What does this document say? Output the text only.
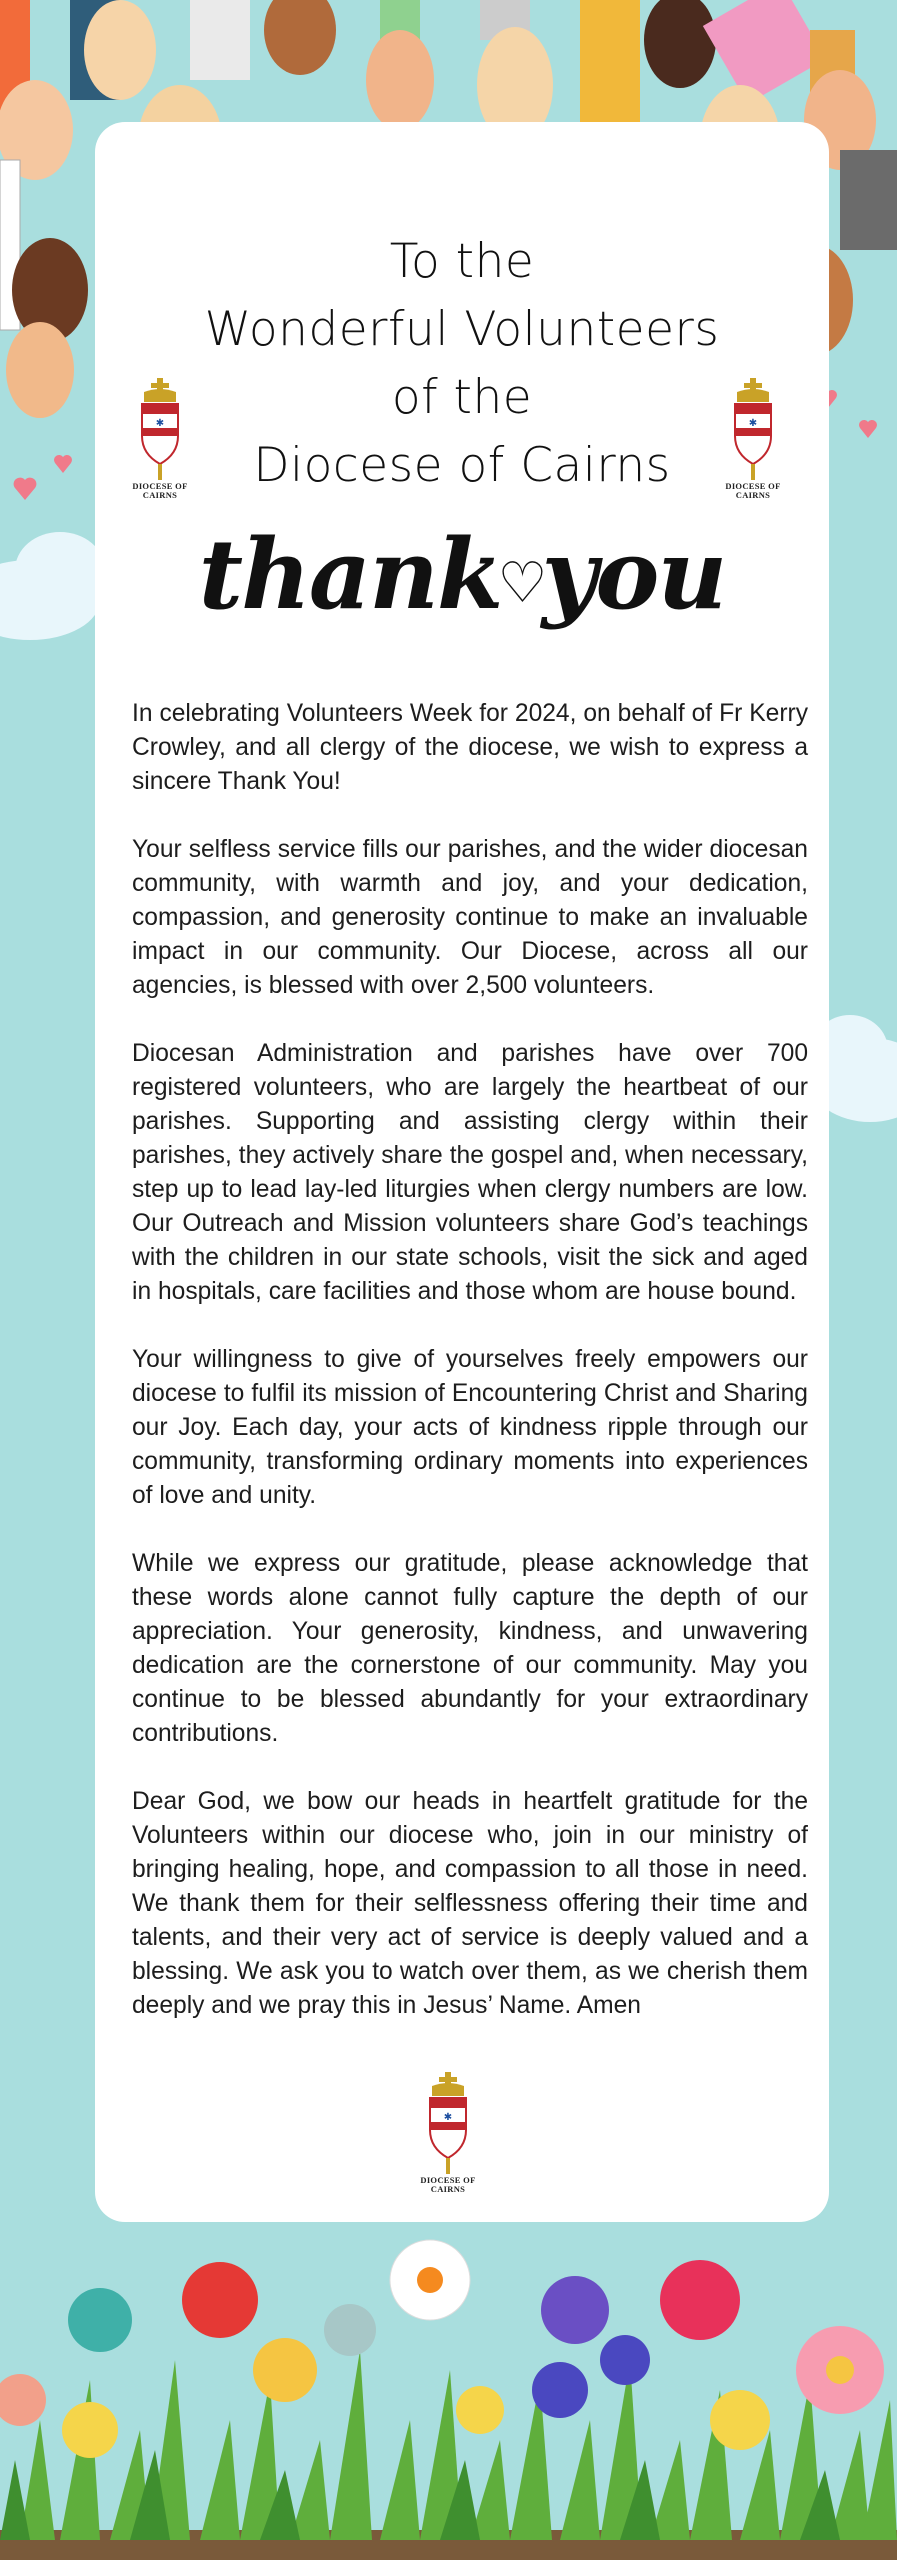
To the
Wonderful Volunteers
of the
Diocese of Cairns
✱
DIOCESE OF
CAIRNS
✱
DIOCESE OF
CAIRNS
thank♡you

In celebrating Volunteers Week for 2024, on behalf of Fr Kerry Crowley, and all clergy of the diocese, we wish to express a sincere Thank You!

Your selfless service fills our parishes, and the wider diocesan community, with warmth and joy, and your dedication, compassion, and generosity continue to make an invaluable impact in our community. Our Diocese, across all our agencies, is blessed with over 2,500 volunteers.

Diocesan Administration and parishes have over 700 registered volunteers, who are largely the heartbeat of our parishes. Supporting and assisting clergy within their parishes, they actively share the gospel and, when necessary, step up to lead lay-led liturgies when clergy numbers are low. Our Outreach and Mission volunteers share God’s teachings with the children in our state schools, visit the sick and aged in hospitals, care facilities and those whom are house bound.

Your willingness to give of yourselves freely empowers our diocese to fulfil its mission of Encountering Christ and Sharing our Joy. Each day, your acts of kindness ripple through our community, transforming ordinary moments into experiences of love and unity.

While we express our gratitude, please acknowledge that these words alone cannot fully capture the depth of our appreciation. Your generosity, kindness, and unwavering dedication are the cornerstone of our community. May you continue to be blessed abundantly for your extraordinary contributions.

Dear God, we bow our heads in heartfelt gratitude for the Volunteers within our diocese who, join in our ministry of bringing healing, hope, and compassion to all those in need. We thank them for their selflessness offering their time and talents, and their very act of service is deeply valued and a blessing. We ask you to watch over them, as we cherish them deeply and we pray this in Jesus’ Name. Amen

✱
DIOCESE OF
CAIRNS
